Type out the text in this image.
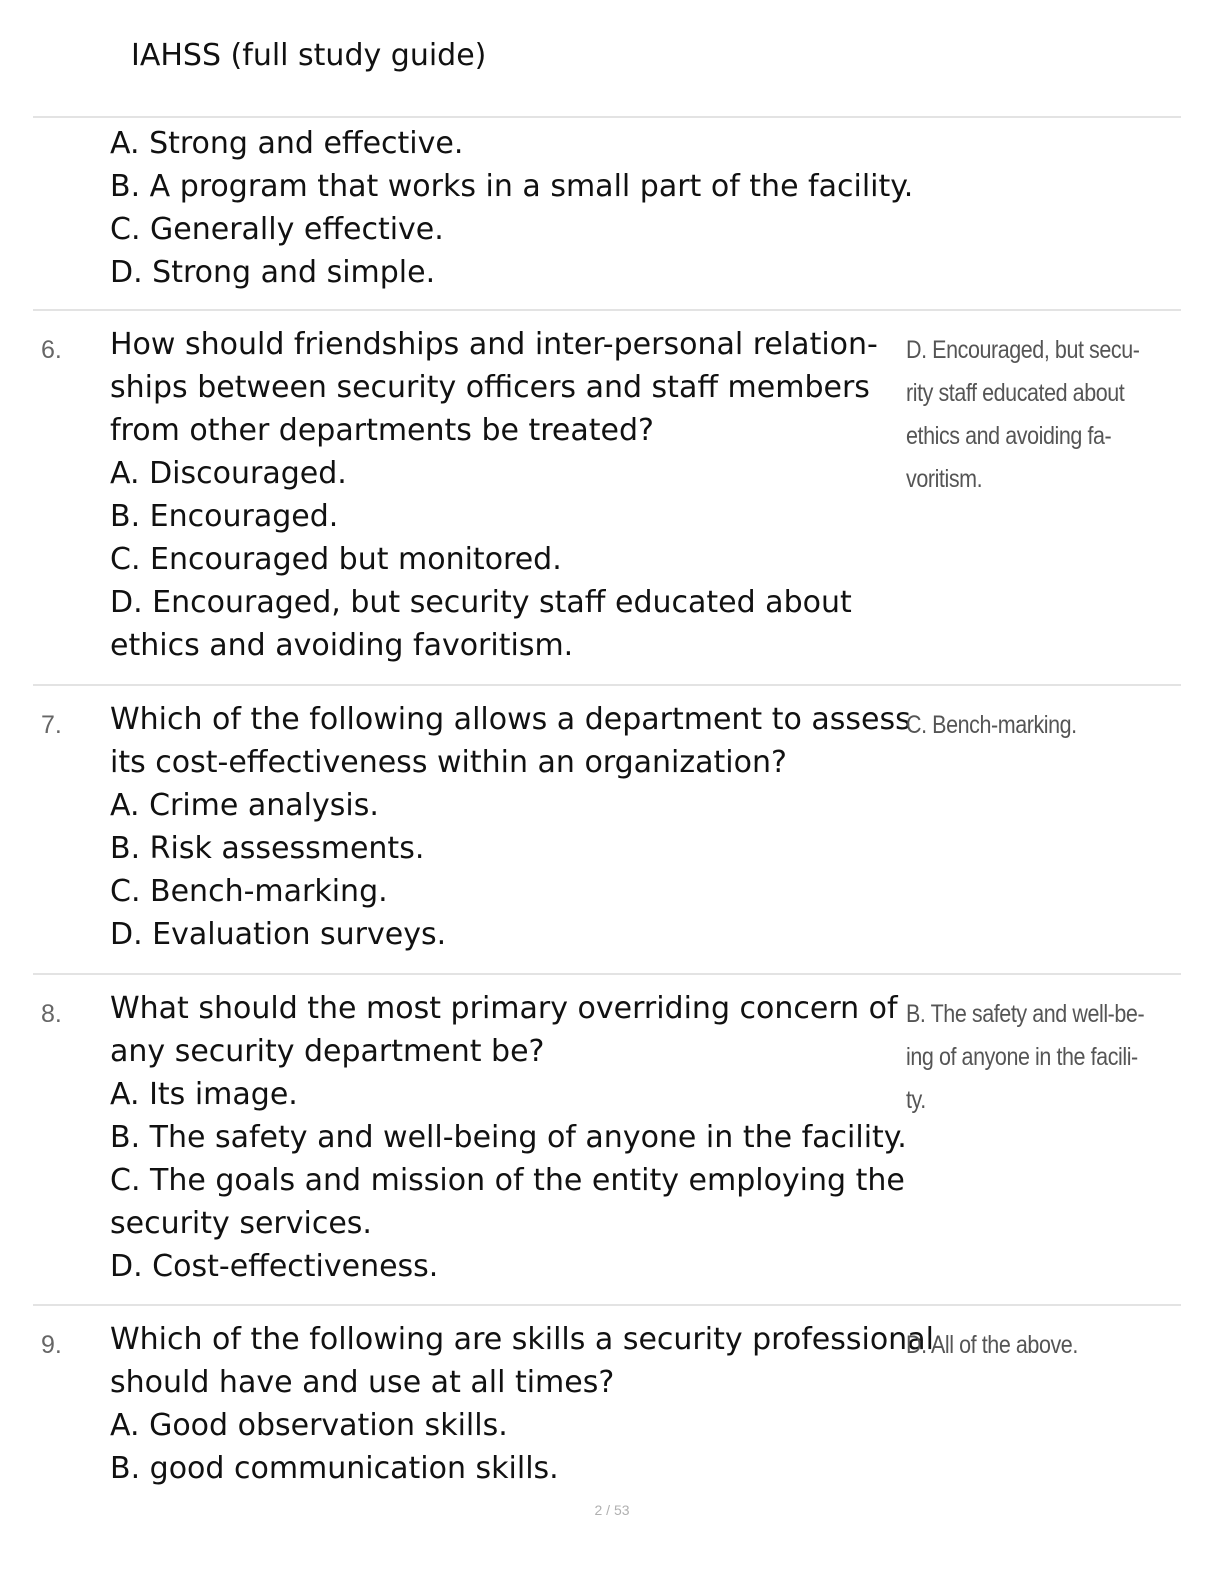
IAHSS (full study guide)
A. Strong and effective.
B. A program that works in a small part of the facility.
C. Generally effective.
D. Strong and simple.
6. How should friendships and inter-personal relation-
ships between security officers and staff members
from other departments be treated?
A. Discouraged.
B. Encouraged.
C. Encouraged but monitored.
D. Encouraged, but security staff educated about
ethics and avoiding favoritism.
D. Encouraged, but secu-
rity staff educated about
ethics and avoiding fa-
voritism.
7. Which of the following allows a department to assess
its cost-effectiveness within an organization?
A. Crime analysis.
B. Risk assessments.
C. Bench-marking.
D. Evaluation surveys.
C. Bench-marking.
8. What should the most primary overriding concern of
any security department be?
A. Its image.
B. The safety and well-being of anyone in the facility.
C. The goals and mission of the entity employing the
security services.
D. Cost-effectiveness.
B. The safety and well-be-
ing of anyone in the facili-
ty.
9. Which of the following are skills a security professional
should have and use at all times?
A. Good observation skills.
B. good communication skills.
D. All of the above.
2 / 53
